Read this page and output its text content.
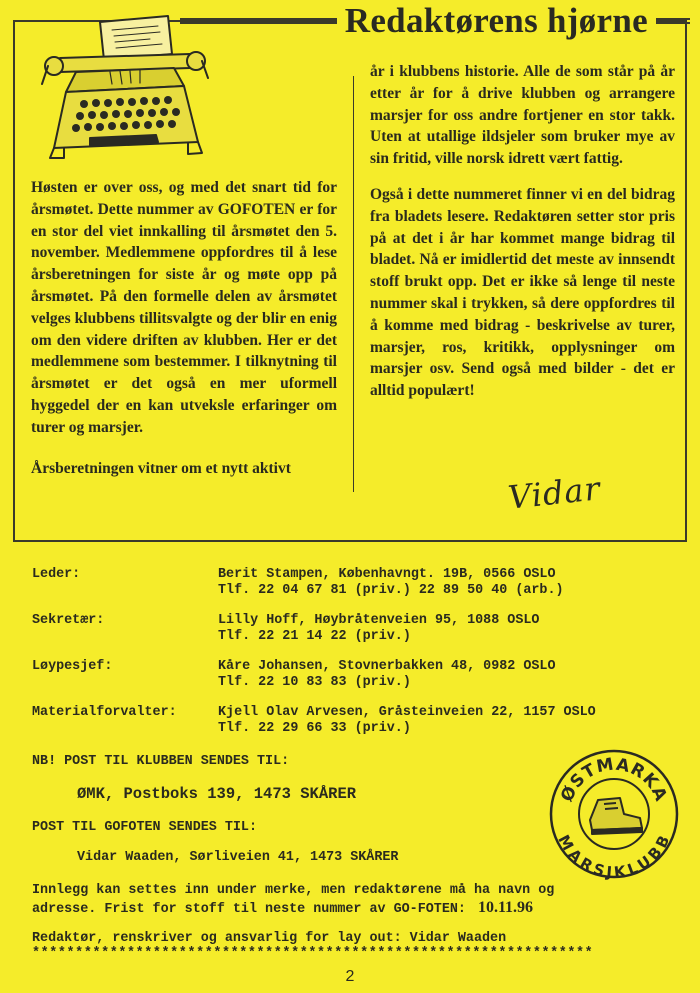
Redaktørens hjørne

Høsten er over oss, og med det snart tid for årsmøtet. Dette nummer av GOFOTEN er for en stor del viet innkalling til årsmøtet den 5. november. Medlemmene oppfordres til å lese årsberetningen for siste år og møte opp på årsmøtet. På den formelle delen av årsmøtet velges klubbens tillitsvalgte og der blir en enig om den videre driften av klubben. Her er det medlemmene som bestemmer. I tilknytning til årsmøtet er det også en mer uformell hyggedel der en kan utveksle erfaringer om turer og marsjer.

Årsberetningen vitner om et nytt aktivt

år i klubbens historie. Alle de som står på år etter år for å drive klubben og arrangere marsjer for oss andre fortjener en stor takk. Uten at utallige ildsjeler som bruker mye av sin fritid, ville norsk idrett vært fattig.

Også i dette nummeret finner vi en del bidrag fra bladets lesere. Redaktøren setter stor pris på at det i år har kommet mange bidrag til bladet. Nå er imidlertid det meste av innsendt stoff brukt opp. Det er ikke så lenge til neste nummer skal i trykken, så dere oppfordres til å komme med bidrag - beskrivelse av turer, marsjer, ros, kritikk, opplysninger om marsjer osv. Send også med bilder - det er alltid populært!

Vidar
Leder:	Berit Stampen, Københavngt. 19B, 0566 OSLO
Tlf. 22 04 67 81 (priv.) 22 89 50 40 (arb.)
Sekretær:	Lilly Hoff, Høybråtenveien 95, 1088 OSLO
Tlf. 22 21 14 22 (priv.)
Løypesjef:	Kåre Johansen, Stovnerbakken 48, 0982 OSLO
Tlf. 22 10 83 83 (priv.)
Materialforvalter:	Kjell Olav Arvesen, Gråsteinveien 22, 1157 OSLO
Tlf. 22 29 66 33 (priv.)
NB! POST TIL KLUBBEN SENDES TIL:
ØMK, Postboks 139, 1473 SKÅRER
POST TIL GOFOTEN SENDES TIL:
Vidar Waaden, Sørliveien 41, 1473 SKÅRER
Innlegg kan settes inn under merke, men redaktørene må ha navn og
adresse. Frist for stoff til neste nummer av GO-FOTEN: 10.11.96
Redaktør, renskriver og ansvarlig for lay out: Vidar Waaden
*****************************************************************
ØSTMARKA
MARSJKLUBB
2
